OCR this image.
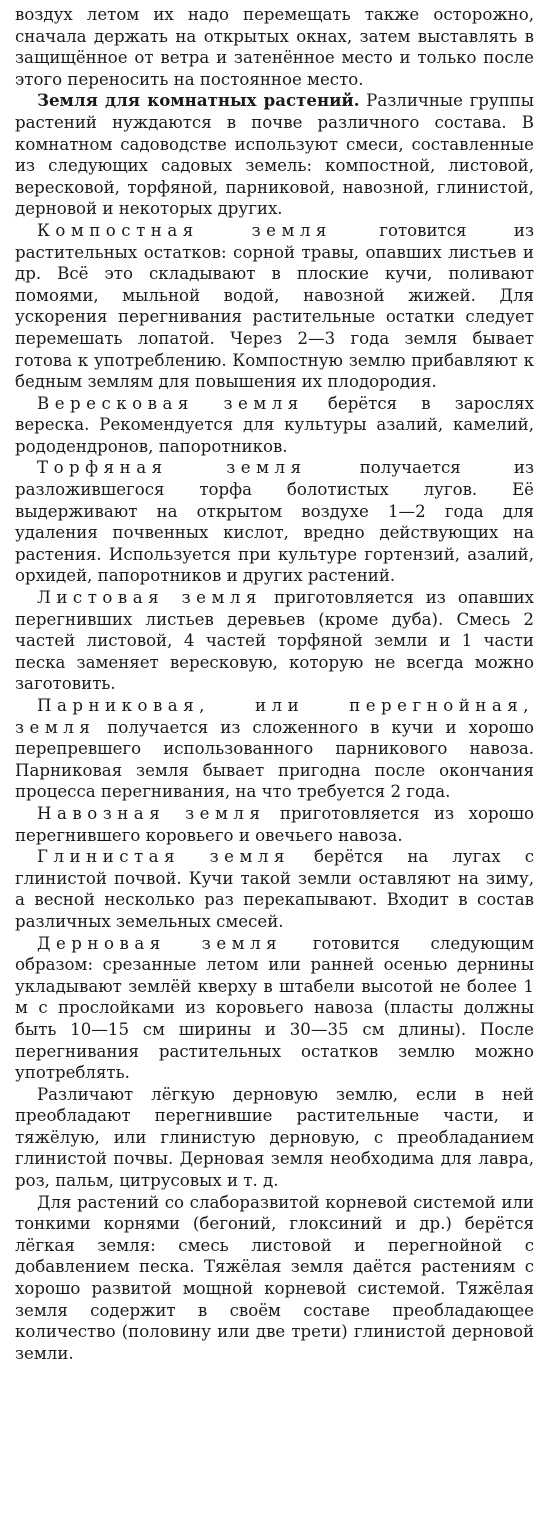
воздух летом их надо перемещать также осторожно, сначала держать на открытых окнах, затем выставлять в защищённое от ветра и затенённое место и только после этого переносить на постоянное место.

Земля для комнатных растений. Различные группы растений нуждаются в почве различного состава. В комнатном садоводстве используют смеси, составленные из следующих садовых земель: компостной, листовой, вересковой, торфяной, парниковой, навозной, глинистой, дерновой и некоторых других.

Компостная земля готовится из растительных остатков: сорной травы, опавших листьев и др. Всё это складывают в плоские кучи, поливают помоями, мыльной водой, навозной жижей. Для ускорения перегнивания растительные остатки следует перемешать лопатой. Через 2—3 года земля бывает готова к употреблению. Компостную землю прибавляют к бедным землям для повышения их плодородия.

Вересковая земля берётся в зарослях вереска. Рекомендуется для культуры азалий, камелий, рододендронов, папоротников.

Торфяная земля получается из разложившегося торфа болотистых лугов. Её выдерживают на открытом воздухе 1—2 года для удаления почвенных кислот, вредно действующих на растения. Используется при культуре гортензий, азалий, орхидей, папоротников и других растений.

Листовая земля приготовляется из опавших перегнивших листьев деревьев (кроме дуба). Смесь 2 частей листовой, 4 частей торфяной земли и 1 части песка заменяет вересковую, которую не всегда можно заготовить.

Парниковая, или перегнойная, земля получается из сложенного в кучи и хорошо перепревшего использованного парникового навоза. Парниковая земля бывает пригодна после окончания процесса перегнивания, на что требуется 2 года.

Навозная земля приготовляется из хорошо перегнившего коровьего и овечьего навоза.

Глинистая земля берётся на лугах с глинистой почвой. Кучи такой земли оставляют на зиму, а весной несколько раз перекапывают. Входит в состав различных земельных смесей.

Дерновая земля готовится следующим образом: срезанные летом или ранней осенью дернины укладывают землёй кверху в штабели высотой не более 1 м с прослойками из коровьего навоза (пласты должны быть 10—15 см ширины и 30—35 см длины). После перегнивания растительных остатков землю можно употреблять.

Различают лёгкую дерновую землю, если в ней преобладают перегнившие растительные части, и тяжёлую, или глинистую дерновую, с преобладанием глинистой почвы. Дерновая земля необходима для лавра, роз, пальм, цитрусовых и т. д.

Для растений со слаборазвитой корневой системой или тонкими корнями (бегоний, глоксиний и др.) берётся лёгкая земля: смесь листовой и перегнойной с добавлением песка. Тяжёлая земля даётся растениям с хорошо развитой мощной корневой системой. Тяжёлая земля содержит в своём составе преобладающее количество (половину или две трети) глинистой дерновой земли.
